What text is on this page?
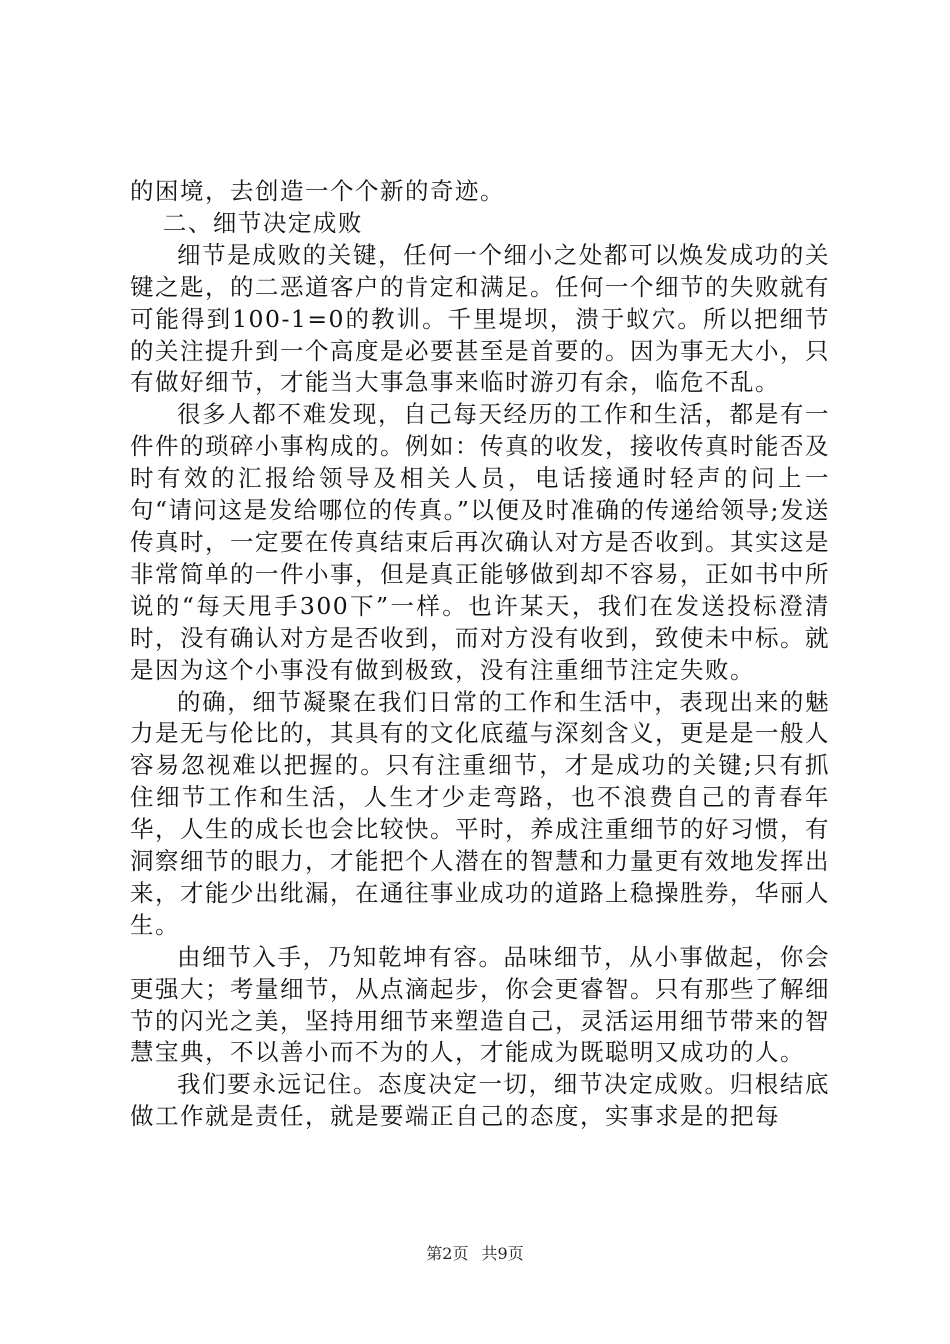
的困境，去创造一个个新的奇迹。

二、细节决定成败

细节是成败的关键，任何一个细小之处都可以焕发成功的关键之匙，的二恶道客户的肯定和满足。任何一个细节的失败就有可能得到100-1=0的教训。千里堤坝，溃于蚁穴。所以把细节的关注提升到一个高度是必要甚至是首要的。因为事无大小，只有做好细节，才能当大事急事来临时游刃有余，临危不乱。

很多人都不难发现，自己每天经历的工作和生活，都是有一件件的琐碎小事构成的。例如：传真的收发，接收传真时能否及时有效的汇报给领导及相关人员，电话接通时轻声的问上一句“请问这是发给哪位的传真。”以便及时准确的传递给领导;发送传真时，一定要在传真结束后再次确认对方是否收到。其实这是非常简单的一件小事，但是真正能够做到却不容易，正如书中所说的“每天甩手300下”一样。也许某天，我们在发送投标澄清时，没有确认对方是否收到，而对方没有收到，致使未中标。就是因为这个小事没有做到极致，没有注重细节注定失败。

的确，细节凝聚在我们日常的工作和生活中，表现出来的魅力是无与伦比的，其具有的文化底蕴与深刻含义，更是是一般人容易忽视难以把握的。只有注重细节，才是成功的关键;只有抓住细节工作和生活，人生才少走弯路，也不浪费自己的青春年华，人生的成长也会比较快。平时，养成注重细节的好习惯，有洞察细节的眼力，才能把个人潜在的智慧和力量更有效地发挥出来，才能少出纰漏，在通往事业成功的道路上稳操胜券，华丽人生。

由细节入手，乃知乾坤有容。品味细节，从小事做起，你会更强大；考量细节，从点滴起步，你会更睿智。只有那些了解细节的闪光之美，坚持用细节来塑造自己，灵活运用细节带来的智慧宝典，不以善小而不为的人，才能成为既聪明又成功的人。

我们要永远记住。态度决定一切，细节决定成败。归根结底做工作就是责任，就是要端正自己的态度，实事求是的把每

第2页 共9页
